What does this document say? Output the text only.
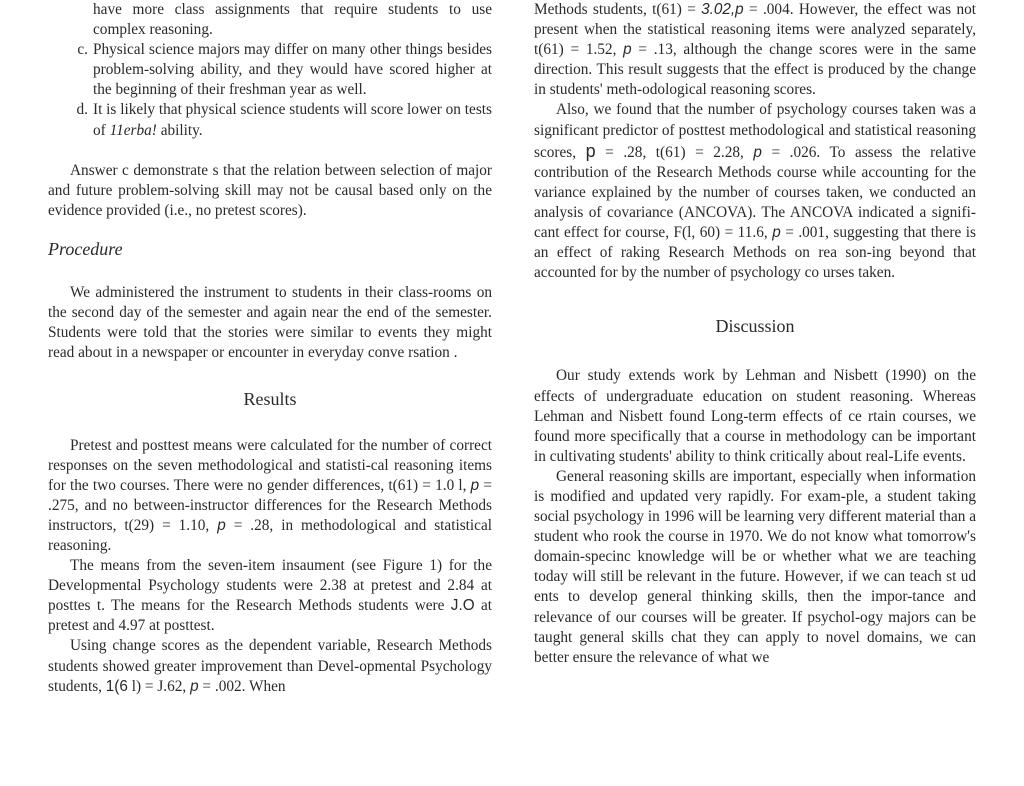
have more class assignments that require students to use complex reasoning.

c. Physical science majors may differ on many other things besides problem-solving ability, and they would have scored higher at the beginning of their freshman year as well.
d. It is likely that physical science students will score lower on tests of 11erba! ability.

Answer c demonstrate s that the relation between selection of major and future problem-solving skill may not be causal based only on the evidence provided (i.e., no pretest scores).

Procedure

We administered the instrument to students in their class-rooms on the second day of the semester and again near the end of the semester. Students were told that the stories were similar to events they might read about in a newspaper or encounter in everyday conve rsation .

Results

Pretest and posttest means were calculated for the number of correct responses on the seven methodological and statisti-cal reasoning items for the two courses. There were no gender differences, t(61) = 1.0 l, p = .275, and no between-instructor differences for the Research Methods instructors, t(29) = 1.10, p = .28, in methodological and statistical reasoning.

The means from the seven-item insaument (see Figure 1) for the Developmental Psychology students were 2.38 at pretest and 2.84 at posttes t. The means for the Research Methods students were J.O at pretest and 4.97 at posttest.

Using change scores as the dependent variable, Research Methods students showed greater improvement than Devel-opmental Psychology students, 1(6 l) = J.62, p = .002. When

Methods students, t(61) = 3.02,p = .004. However, the effect was not present when the statistical reasoning items were analyzed separately, t(61) = 1.52, p = .13, although the change scores were in the same direction. This result suggests that the effect is produced by the change in students' meth-odological reasoning scores.

Also, we found that the number of psychology courses taken was a significant predictor of posttest methodological and statistical reasoning scores, p = .28, t(61) = 2.28, p = .026. To assess the relative contribution of the Research Methods course while accounting for the variance explained by the number of courses taken, we conducted an analysis of covariance (ANCOVA). The ANCOVA indicated a signifi-cant effect for course, F(l, 60) = 11.6, p = .001, suggesting that there is an effect of raking Research Methods on rea son-ing beyond that accounted for by the number of psychology co urses taken.

Discussion

Our study extends work by Lehman and Nisbett (1990) on the effects of undergraduate education on student reasoning. Whereas Lehman and Nisbett found Long-term effects of ce rtain courses, we found more specifically that a course in methodology can be important in cultivating students' ability to think critically about real-Life events.

General reasoning skills are important, especially when information is modified and updated very rapidly. For exam-ple, a student taking social psychology in 1996 will be learning very different material than a student who rook the course in 1970. We do not know what tomorrow's domain-specinc knowledge will be or whether what we are teaching today will still be relevant in the future. However, if we can teach st ud ents to develop general thinking skills, then the impor-tance and relevance of our courses will be greater. If psychol-ogy majors can be taught general skills chat they can apply to novel domains, we can better ensure the relevance of what we
